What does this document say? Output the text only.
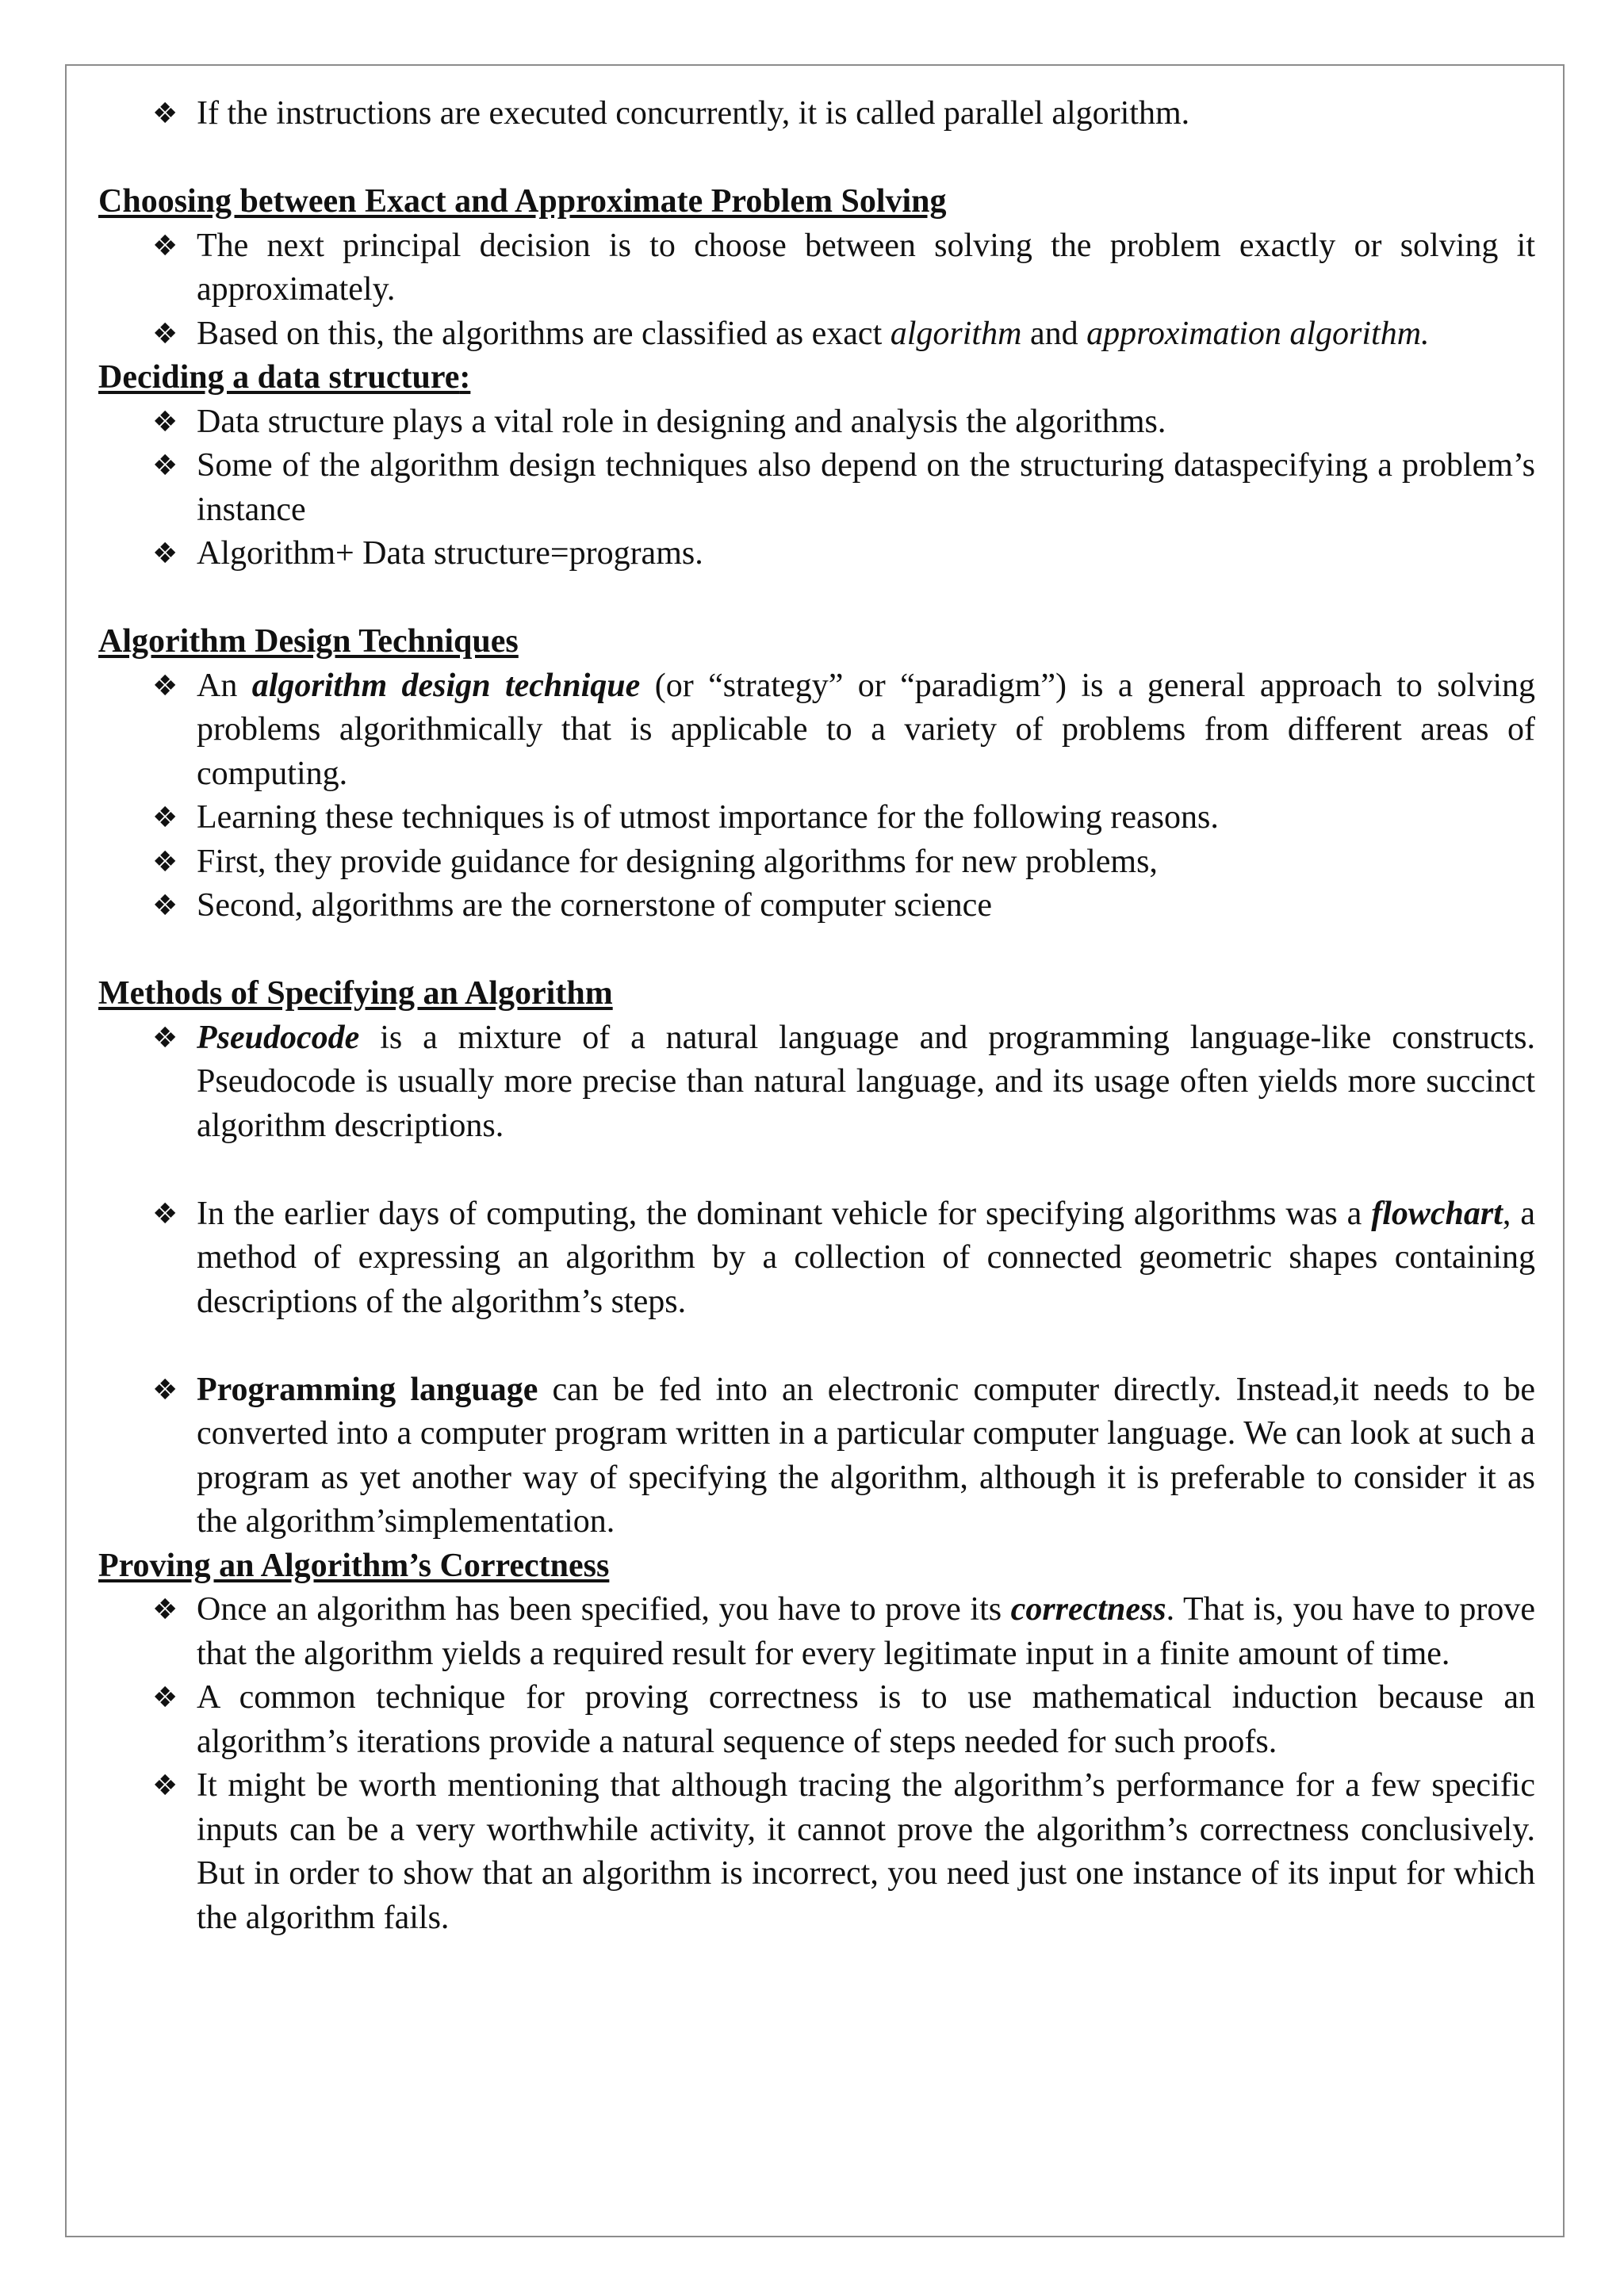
❖ If the instructions are executed concurrently, it is called parallel algorithm.

Choosing between Exact and Approximate Problem Solving

❖ The next principal decision is to choose between solving the problem exactly or solving it approximately.
❖ Based on this, the algorithms are classified as exact algorithm and approximation algorithm.

Deciding a data structure:

❖ Data structure plays a vital role in designing and analysis the algorithms.
❖ Some of the algorithm design techniques also depend on the structuring dataspecifying a problem’s instance
❖ Algorithm+ Data structure=programs.

Algorithm Design Techniques

❖ An algorithm design technique (or “strategy” or “paradigm”) is a general approach to solving problems algorithmically that is applicable to a variety of problems from different areas of computing.
❖ Learning these techniques is of utmost importance for the following reasons.
❖ First, they provide guidance for designing algorithms for new problems,
❖ Second, algorithms are the cornerstone of computer science

Methods of Specifying an Algorithm

❖ Pseudocode is a mixture of a natural language and programming language-like constructs. Pseudocode is usually more precise than natural language, and its usage often yields more succinct algorithm descriptions.
❖ In the earlier days of computing, the dominant vehicle for specifying algorithms was a flowchart, a method of expressing an algorithm by a collection of connected geometric shapes containing descriptions of the algorithm’s steps.
❖ Programming language can be fed into an electronic computer directly. Instead,it needs to be converted into a computer program written in a particular computer language. We can look at such a program as yet another way of specifying the algorithm, although it is preferable to consider it as the algorithm’simplementation.

Proving an Algorithm’s Correctness

❖ Once an algorithm has been specified, you have to prove its correctness. That is, you have to prove that the algorithm yields a required result for every legitimate input in a finite amount of time.
❖ A common technique for proving correctness is to use mathematical induction because an algorithm’s iterations provide a natural sequence of steps needed for such proofs.
❖ It might be worth mentioning that although tracing the algorithm’s performance for a few specific inputs can be a very worthwhile activity, it cannot prove the algorithm’s correctness conclusively. But in order to show that an algorithm is incorrect, you need just one instance of its input for which the algorithm fails.
